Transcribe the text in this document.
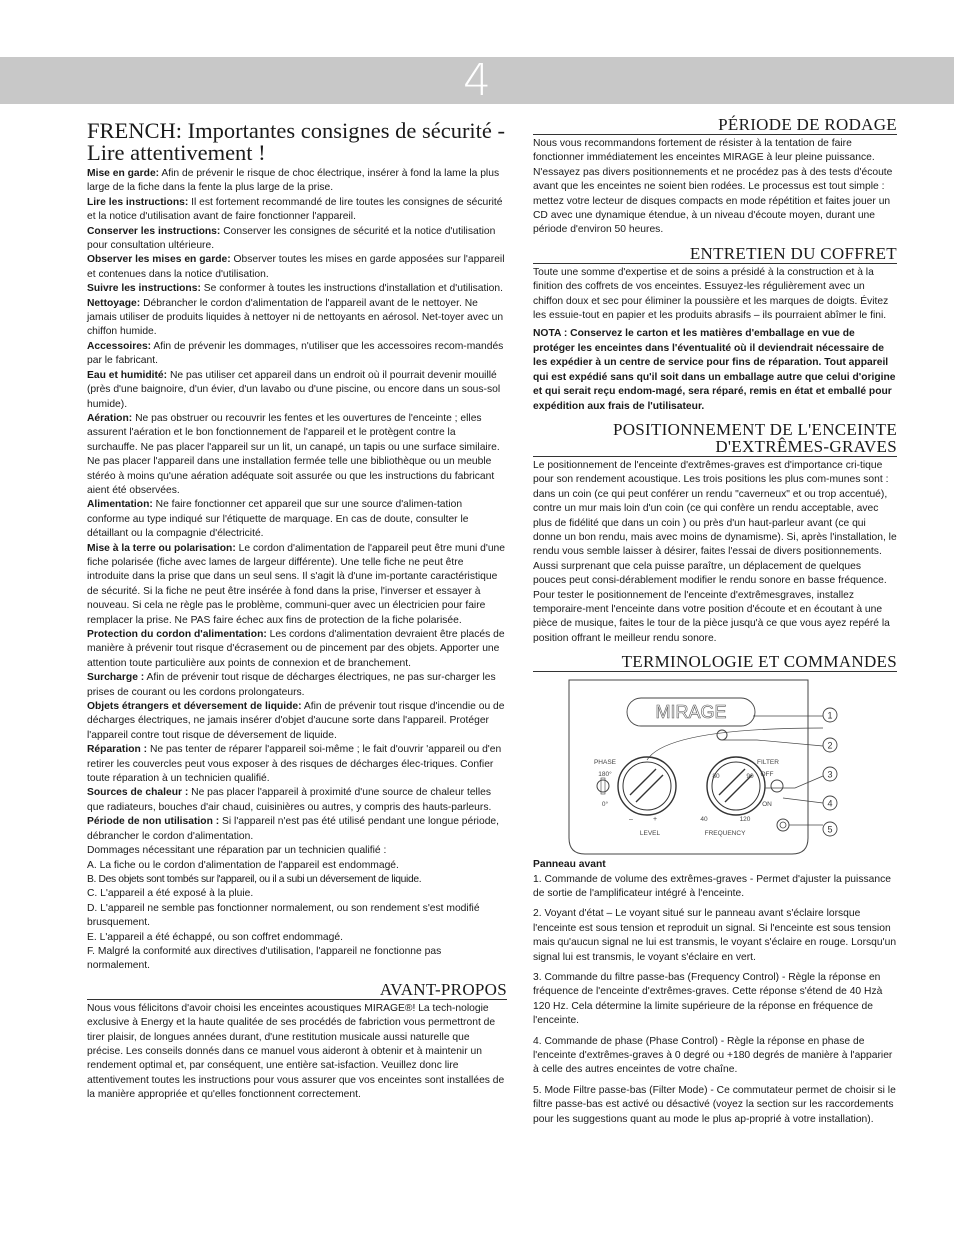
4
FRENCH: Importantes consignes de sécurité - Lire attentivement !

Mise en garde: Afin de prévenir le risque de choc électrique, insérer à fond la lame la plus large de la fiche dans la fente la plus large de la prise.

Lire les instructions: Il est fortement recommandé de lire toutes les consignes de sécurité et la notice d'utilisation avant de faire fonctionner l'appareil.

Conserver les instructions: Conserver les consignes de sécurité et la notice d'utilisation pour consultation ultérieure.

Observer les mises en garde: Observer toutes les mises en garde apposées sur l'appareil et contenues dans la notice d'utilisation.

Suivre les instructions: Se conformer à toutes les instructions d'installation et d'utilisation.

Nettoyage: Débrancher le cordon d'alimentation de l'appareil avant de le nettoyer. Ne jamais utiliser de produits liquides à nettoyer ni de nettoyants en aérosol. Net-toyer avec un chiffon humide.

Accessoires: Afin de prévenir les dommages, n'utiliser que les accessoires recom-mandés par le fabricant.

Eau et humidité: Ne pas utiliser cet appareil dans un endroit où il pourrait devenir mouillé (près d'une baignoire, d'un évier, d'un lavabo ou d'une piscine, ou encore dans un sous-sol humide).

Aération: Ne pas obstruer ou recouvrir les fentes et les ouvertures de l'enceinte ; elles assurent l'aération et le bon fonctionnement de l'appareil et le protègent contre la surchauffe. Ne pas placer l'appareil sur un lit, un canapé, un tapis ou une surface similaire. Ne pas placer l'appareil dans une installation fermée telle une bibliothèque ou un meuble stéréo à moins qu'une aération adéquate soit assurée ou que les instructions du fabricant aient été observées.

Alimentation: Ne faire fonctionner cet appareil que sur une source d'alimen-tation conforme au type indiqué sur l'étiquette de marquage. En cas de doute, consulter le détaillant ou la compagnie d'électricité.

Mise à la terre ou polarisation: Le cordon d'alimentation de l'appareil peut être muni d'une fiche polarisée (fiche avec lames de largeur différente). Une telle fiche ne peut être introduite dans la prise que dans un seul sens. Il s'agit là d'une im-portante caractéristique de sécurité. Si la fiche ne peut être insérée à fond dans la prise, l'inverser et essayer à nouveau. Si cela ne règle pas le problème, communi-quer avec un électricien pour faire remplacer la prise. Ne PAS faire échec aux fins de protection de la fiche polarisée.

Protection du cordon d'alimentation: Les cordons d'alimentation devraient être placés de manière à prévenir tout risque d'écrasement ou de pincement par des objets. Apporter une attention toute particulière aux points de connexion et de branchement.

Surcharge : Afin de prévenir tout risque de décharges électriques, ne pas sur-charger les prises de courant ou les cordons prolongateurs.

Objets étrangers et déversement de liquide: Afin de prévenir tout risque d'incendie ou de décharges électriques, ne jamais insérer d'objet d'aucune sorte dans l'appareil. Protéger l'appareil contre tout risque de déversement de liquide.

Réparation : Ne pas tenter de réparer l'appareil soi-même ; le fait d'ouvrir 'appareil ou d'en retirer les couvercles peut vous exposer à des risques de décharges élec-triques. Confier toute réparation à un technicien qualifié.

Sources de chaleur : Ne pas placer l'appareil à proximité d'une source de chaleur telles que radiateurs, bouches d'air chaud, cuisinières ou autres, y compris des hauts-parleurs.

Période de non utilisation : Si l'appareil n'est pas été utilisé pendant une longue période, débrancher le cordon d'alimentation.

Dommages nécessitant une réparation par un technicien qualifié :

A. La fiche ou le cordon d'alimentation de l'appareil est endommagé.

B. Des objets sont tombés sur l'appareil, ou il a subi un déversement de liquide.

C. L'appareil a été exposé à la pluie.

D. L'appareil ne semble pas fonctionner normalement, ou son rendement s'est modifié brusquement.

E. L'appareil a été échappé, ou son coffret endommagé.

F. Malgré la conformité aux directives d'utilisation, l'appareil ne fonctionne pas normalement.

AVANT-PROPOS

Nous vous félicitons d'avoir choisi les enceintes acoustiques MIRAGE®! La tech-nologie exclusive à Energy et la haute qualitée de ses procédés de fabriction vous permettront de tirer plaisir, de longues années durant, d'une restitution musicale aussi naturelle que précise. Les conseils donnés dans ce manuel vous aideront à obtenir et à maintenir un rendement optimal et, par conséquent, une entière sat-isfaction. Veuillez donc lire attentivement toutes les instructions pour vous assurer que vos enceintes sont installées de la manière appropriée et qu'elles fonctionnent correctement.

PÉRIODE DE RODAGE

Nous vous recommandons fortement de résister à la tentation de faire fonctionner immédiatement les enceintes MIRAGE à leur pleine puissance. N'essayez pas divers positionnements et ne procédez pas à des tests d'écoute avant que les enceintes ne soient bien rodées. Le processus est tout simple : mettez votre lecteur de disques compacts en mode répétition et faites jouer un CD avec une dynamique étendue, à un niveau d'écoute moyen, durant une période d'environ 50 heures.

ENTRETIEN DU COFFRET

Toute une somme d'expertise et de soins a présidé à la construction et à la finition des coffrets de vos enceintes. Essuyez-les régulièrement avec un chiffon doux et sec pour éliminer la poussière et les marques de doigts. Évitez les essuie-tout en papier et les produits abrasifs – ils pourraient abîmer le fini.

NOTA : Conservez le carton et les matières d'emballage en vue de protéger les enceintes dans l'éventualité où il deviendrait nécessaire de les expédier à un centre de service pour fins de réparation. Tout appareil qui est expédié sans qu'il soit dans un emballage autre que celui d'origine et qui serait reçu endom-magé, sera réparé, remis en état et emballé pour expédition aux frais de l'utilisateur.

POSITIONNEMENT DE L'ENCEINTE D'EXTRÊMES-GRAVES

Le positionnement de l'enceinte d'extrêmes-graves est d'importance cri-tique pour son rendement acoustique. Les trois positions les plus com-munes sont : dans un coin (ce qui peut conférer un rendu "caverneux" et ou trop accentué), contre un mur mais loin d'un coin (ce qui confère un rendu acceptable, avec plus de fidélité que dans un coin ) ou près d'un haut-parleur avant (ce qui donne un bon rendu, mais avec moins de dynamisme). Si, après l'installation, le rendu vous semble laisser à désirer, faites l'essai de divers positionnements. Aussi surprenant que cela puisse paraître, un déplacement de quelques pouces peut consi-dérablement modifier le rendu sonore en basse fréquence. Pour tester le positionnement de l'enceinte d'extrêmesgraves, installez temporaire-ment l'enceinte dans votre position d'écoute et en écoutant à une pièce de musique, faites le tour de la pièce jusqu'à ce que vous ayez repéré la position offrant le meilleur rendu sonore.

TERMINOLOGIE ET COMMANDES
MIRAGE	1
2
3
4
5
PHASE
180°
0°
FILTER
OFF
ON
80	90
40	120
–	+
LEVEL	FREQUENCY

Panneau avant

1. Commande de volume des extrêmes-graves - Permet d'ajuster la puissance de sortie de l'amplificateur intégré à l'enceinte.

2. Voyant d'état – Le voyant situé sur le panneau avant s'éclaire lorsque l'enceinte est sous tension et reproduit un signal. Si l'enceinte est sous tension mais qu'aucun signal ne lui est transmis, le voyant s'éclaire en rouge. Lorsqu'un signal lui est transmis, le voyant s'éclaire en vert.

3. Commande du filtre passe-bas (Frequency Control) - Règle la réponse en fréquence de l'enceinte d'extrêmes-graves. Cette réponse s'étend de 40 Hzà 120 Hz. Cela détermine la limite supérieure de la réponse en fréquence de l'enceinte.

4. Commande de phase (Phase Control) - Règle la réponse en phase de l'enceinte d'extrêmes-graves à 0 degré ou +180 degrés de manière à l'apparier à celle des autres enceintes de votre chaîne.

5. Mode Filtre passe-bas (Filter Mode) - Ce commutateur permet de choisir si le filtre passe-bas est activé ou désactivé (voyez la section sur les raccordements pour les suggestions quant au mode le plus ap-proprié à votre installation).
